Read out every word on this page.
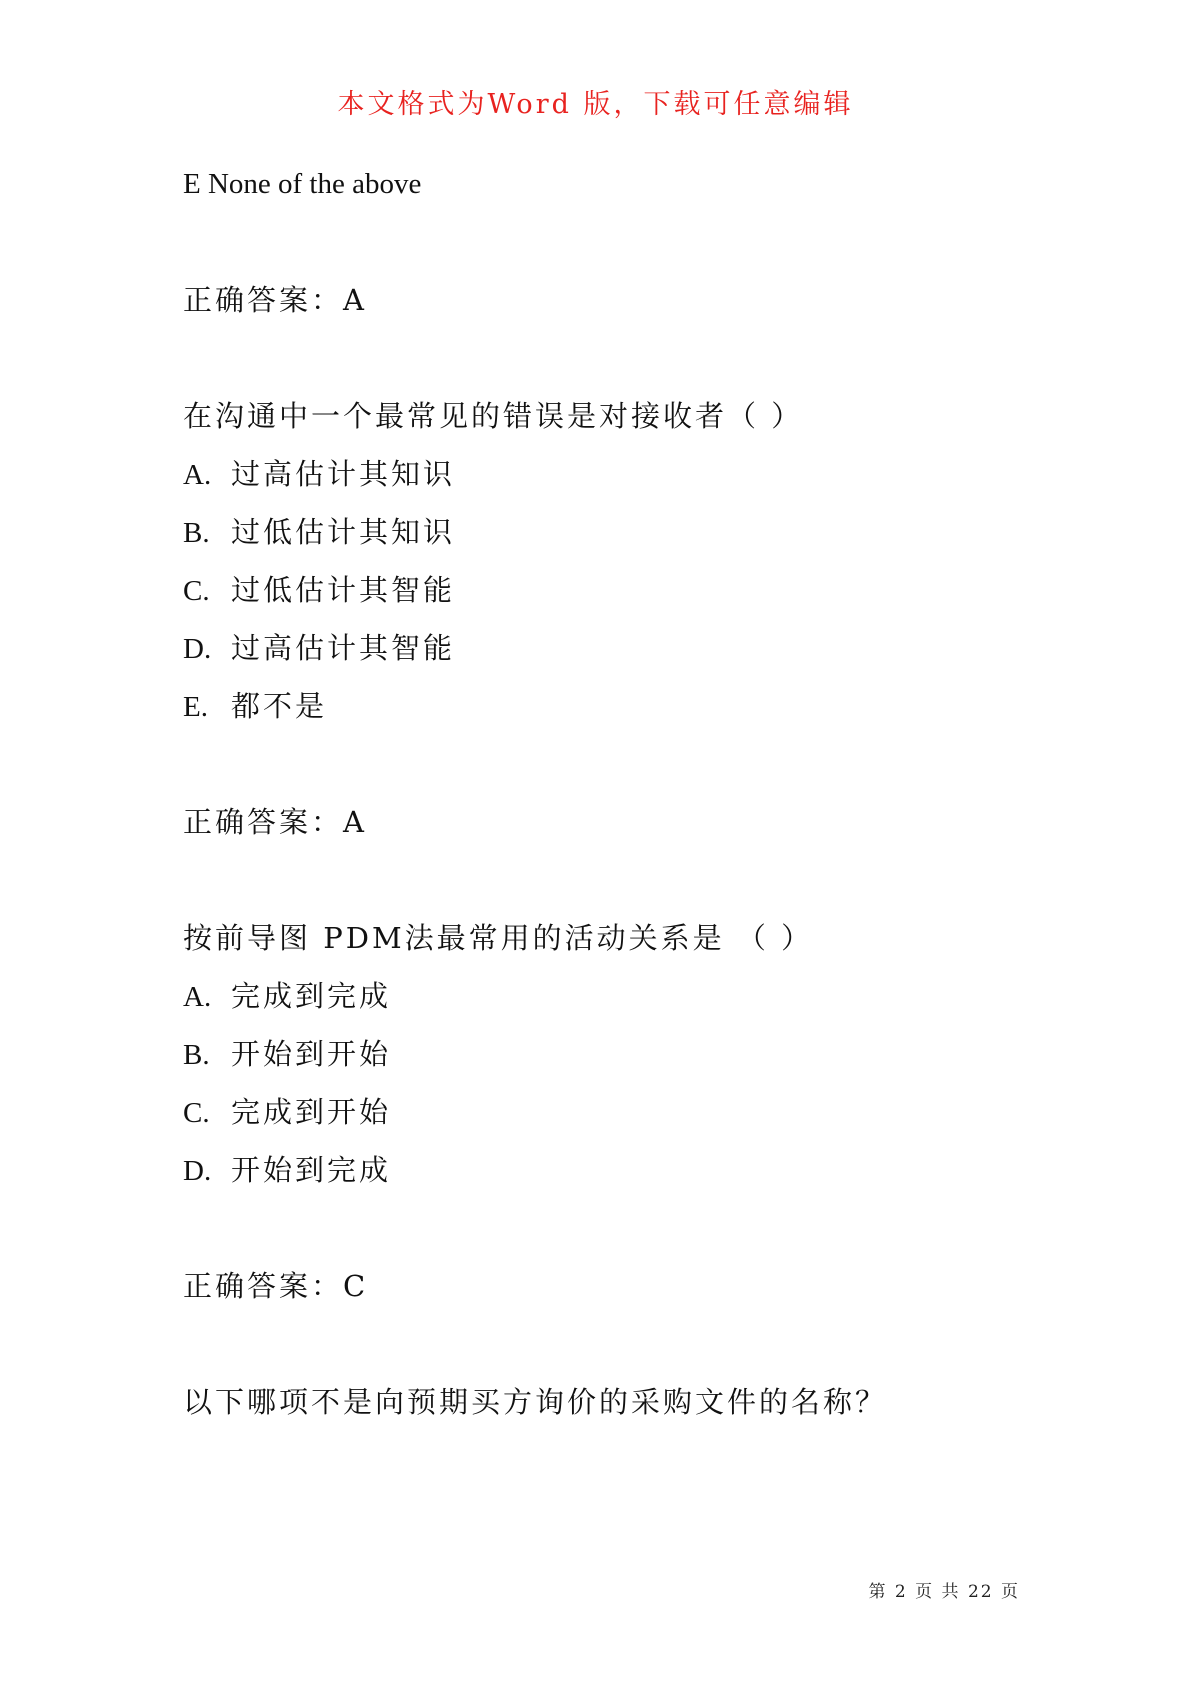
本文格式为Word 版，下载可任意编辑
E None of the above
正确答案：A
在沟通中一个最常见的错误是对接收者（ ）
A. 过高估计其知识
B. 过低估计其知识
C. 过低估计其智能
D. 过高估计其智能
E. 都不是
正确答案：A
按前导图 PDM法最常用的活动关系是 （ ）
A. 完成到完成
B. 开始到开始
C. 完成到开始
D. 开始到完成
正确答案：C
以下哪项不是向预期买方询价的采购文件的名称？
第 2 页 共 22 页
